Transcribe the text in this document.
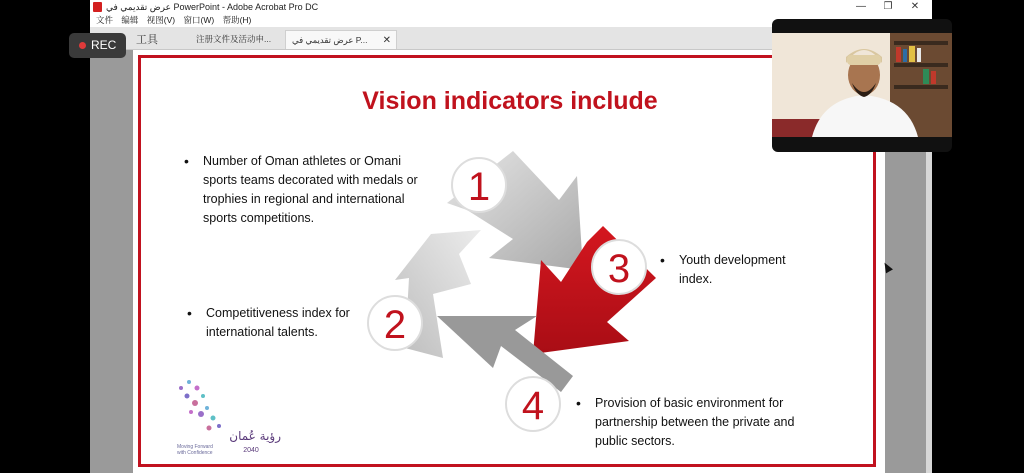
عرض تقديمي في PowerPoint - Adobe Acrobat Pro DC	—	❐	✕
文件 编辑 视图(V) 窗口(W) 帮助(H)
工具	注册文件及活动申...	عرض تقديمي في P... ✕
Vision indicators include
1
3
2
4
رؤية عُمان
2040
Moving Forward
with Confidence
• Number of Oman athletes or Omani
sports teams decorated with medals or
trophies in regional and international
sports competitions.
• Competitiveness index for
international talents.
• Youth development
index.
• Provision of basic environment for
partnership between the private and
public sectors.
REC
